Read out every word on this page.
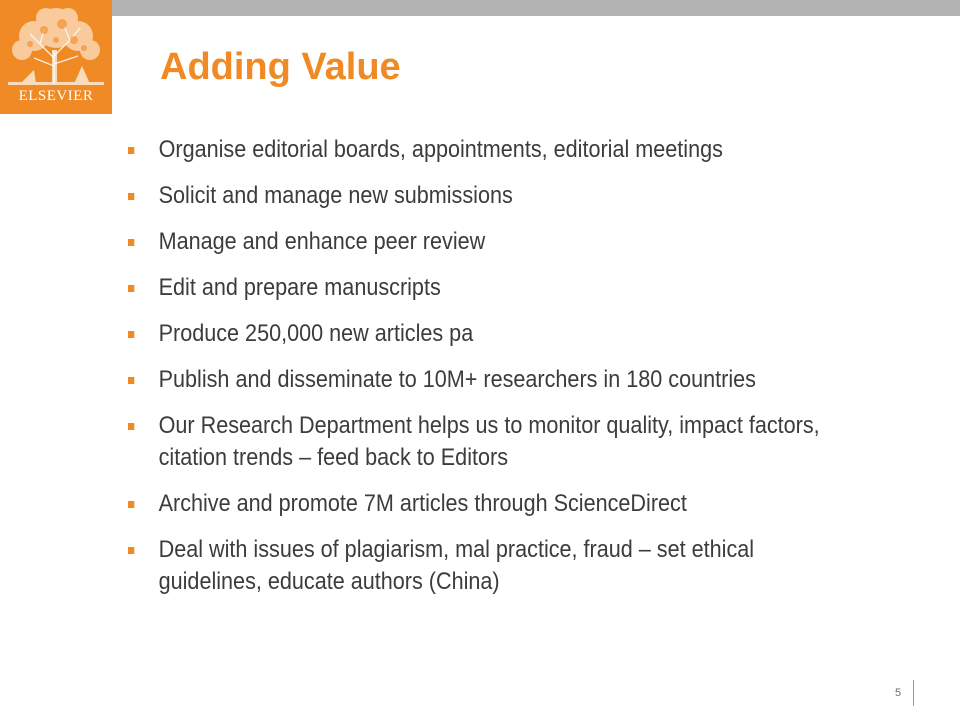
ELSEVIER
Adding Value
Organise editorial boards, appointments, editorial meetings
Solicit and manage new submissions
Manage and enhance peer review
Edit and prepare manuscripts
Produce 250,000 new articles pa
Publish and disseminate to 10M+ researchers in 180 countries
Our Research Department helps us to monitor quality, impact factors, citation trends – feed back to Editors
Archive and promote 7M articles through ScienceDirect
Deal with issues of plagiarism, mal practice, fraud – set ethical guidelines, educate authors (China)
5
